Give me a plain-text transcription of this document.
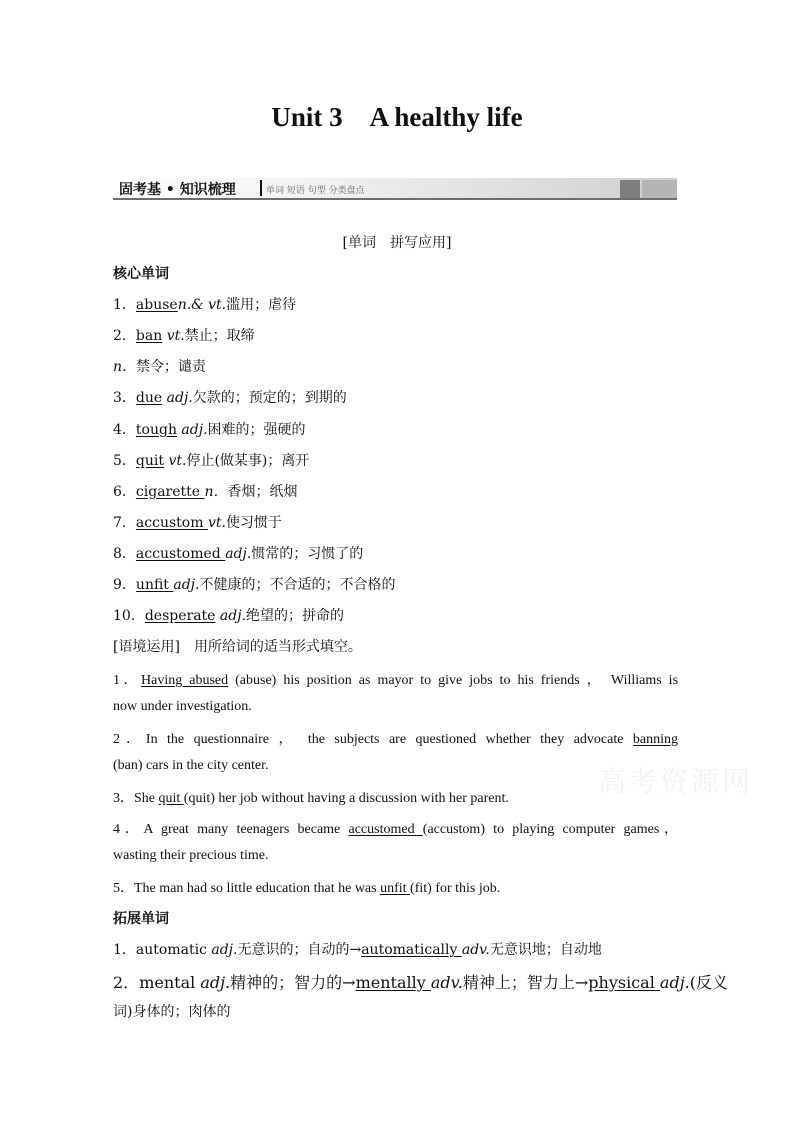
Unit 3　A healthy life
固考基 • 知识梳理	单词 短语 句型 分类盘点
[单词　拼写应用]
核心单词
1．abusen.& vt.滥用；虐待
2．ban vt.禁止；取缔
n．禁令；谴责
3．due adj.欠款的；预定的；到期的
4．tough adj.困难的；强硬的
5．quit vt.停止(做某事)；离开
6．cigarette n．香烟；纸烟
7．accustom vt.使习惯于
8．accustomed adj.惯常的；习惯了的
9．unfit adj.不健康的；不合适的；不合格的
10．desperate adj.绝望的；拼命的
[语境运用]　 用所给词的适当形式填空。
1．Having abused (abuse) his position as mayor to give jobs to his friends ， Williams is
now under investigation.
2．In the questionnaire ， the subjects are questioned whether they advocate banning
(ban) cars in the city center.
3．She quit (quit) her job without having a discussion with her parent.
4．A great many teenagers became accustomed (accustom) to playing computer games，
wasting their precious time.
5．The man had so little education that he was unfit (fit) for this job.
拓展单词
1．automatic adj.无意识的；自动的→automatically adv.无意识地；自动地
2．mental adj.精神的；智力的→mentally adv.精神上；智力上→physical adj.(反义
词)身体的；肉体的
高考资源网
